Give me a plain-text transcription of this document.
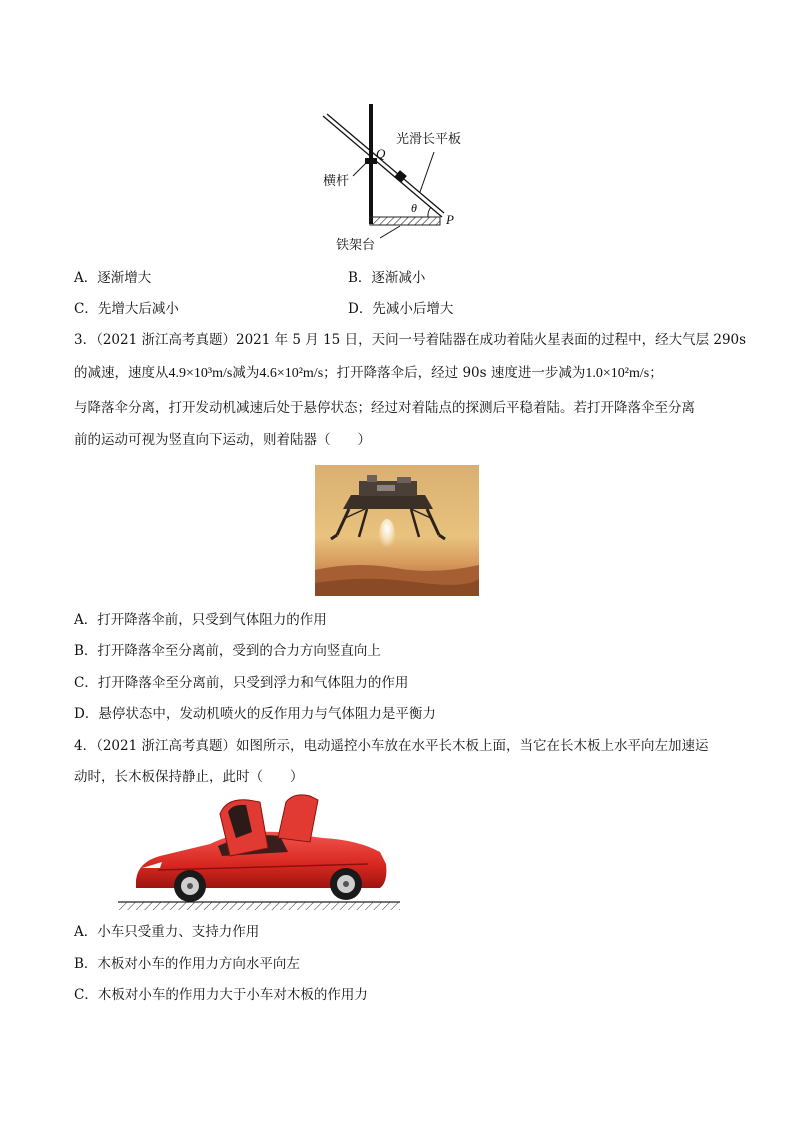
光滑长平板
Q
横杆
θ
P
铁架台
A．逐渐增大	B．逐渐减小
C．先增大后减小	D．先减小后增大
3．（2021 浙江高考真题）2021 年 5 月 15 日，天问一号着陆器在成功着陆火星表面的过程中，经大气层 290s
的减速，速度从4.9×10³m/s减为4.6×10²m/s；打开降落伞后，经过 90s 速度进一步减为1.0×10²m/s；
与降落伞分离，打开发动机减速后处于悬停状态；经过对着陆点的探测后平稳着陆。若打开降落伞至分离
前的运动可视为竖直向下运动，则着陆器（　　）
A．打开降落伞前，只受到气体阻力的作用
B．打开降落伞至分离前，受到的合力方向竖直向上
C．打开降落伞至分离前，只受到浮力和气体阻力的作用
D．悬停状态中，发动机喷火的反作用力与气体阻力是平衡力
4．（2021 浙江高考真题）如图所示，电动遥控小车放在水平长木板上面，当它在长木板上水平向左加速运
动时，长木板保持静止，此时（　　）
A．小车只受重力、支持力作用
B．木板对小车的作用力方向水平向左
C．木板对小车的作用力大于小车对木板的作用力
